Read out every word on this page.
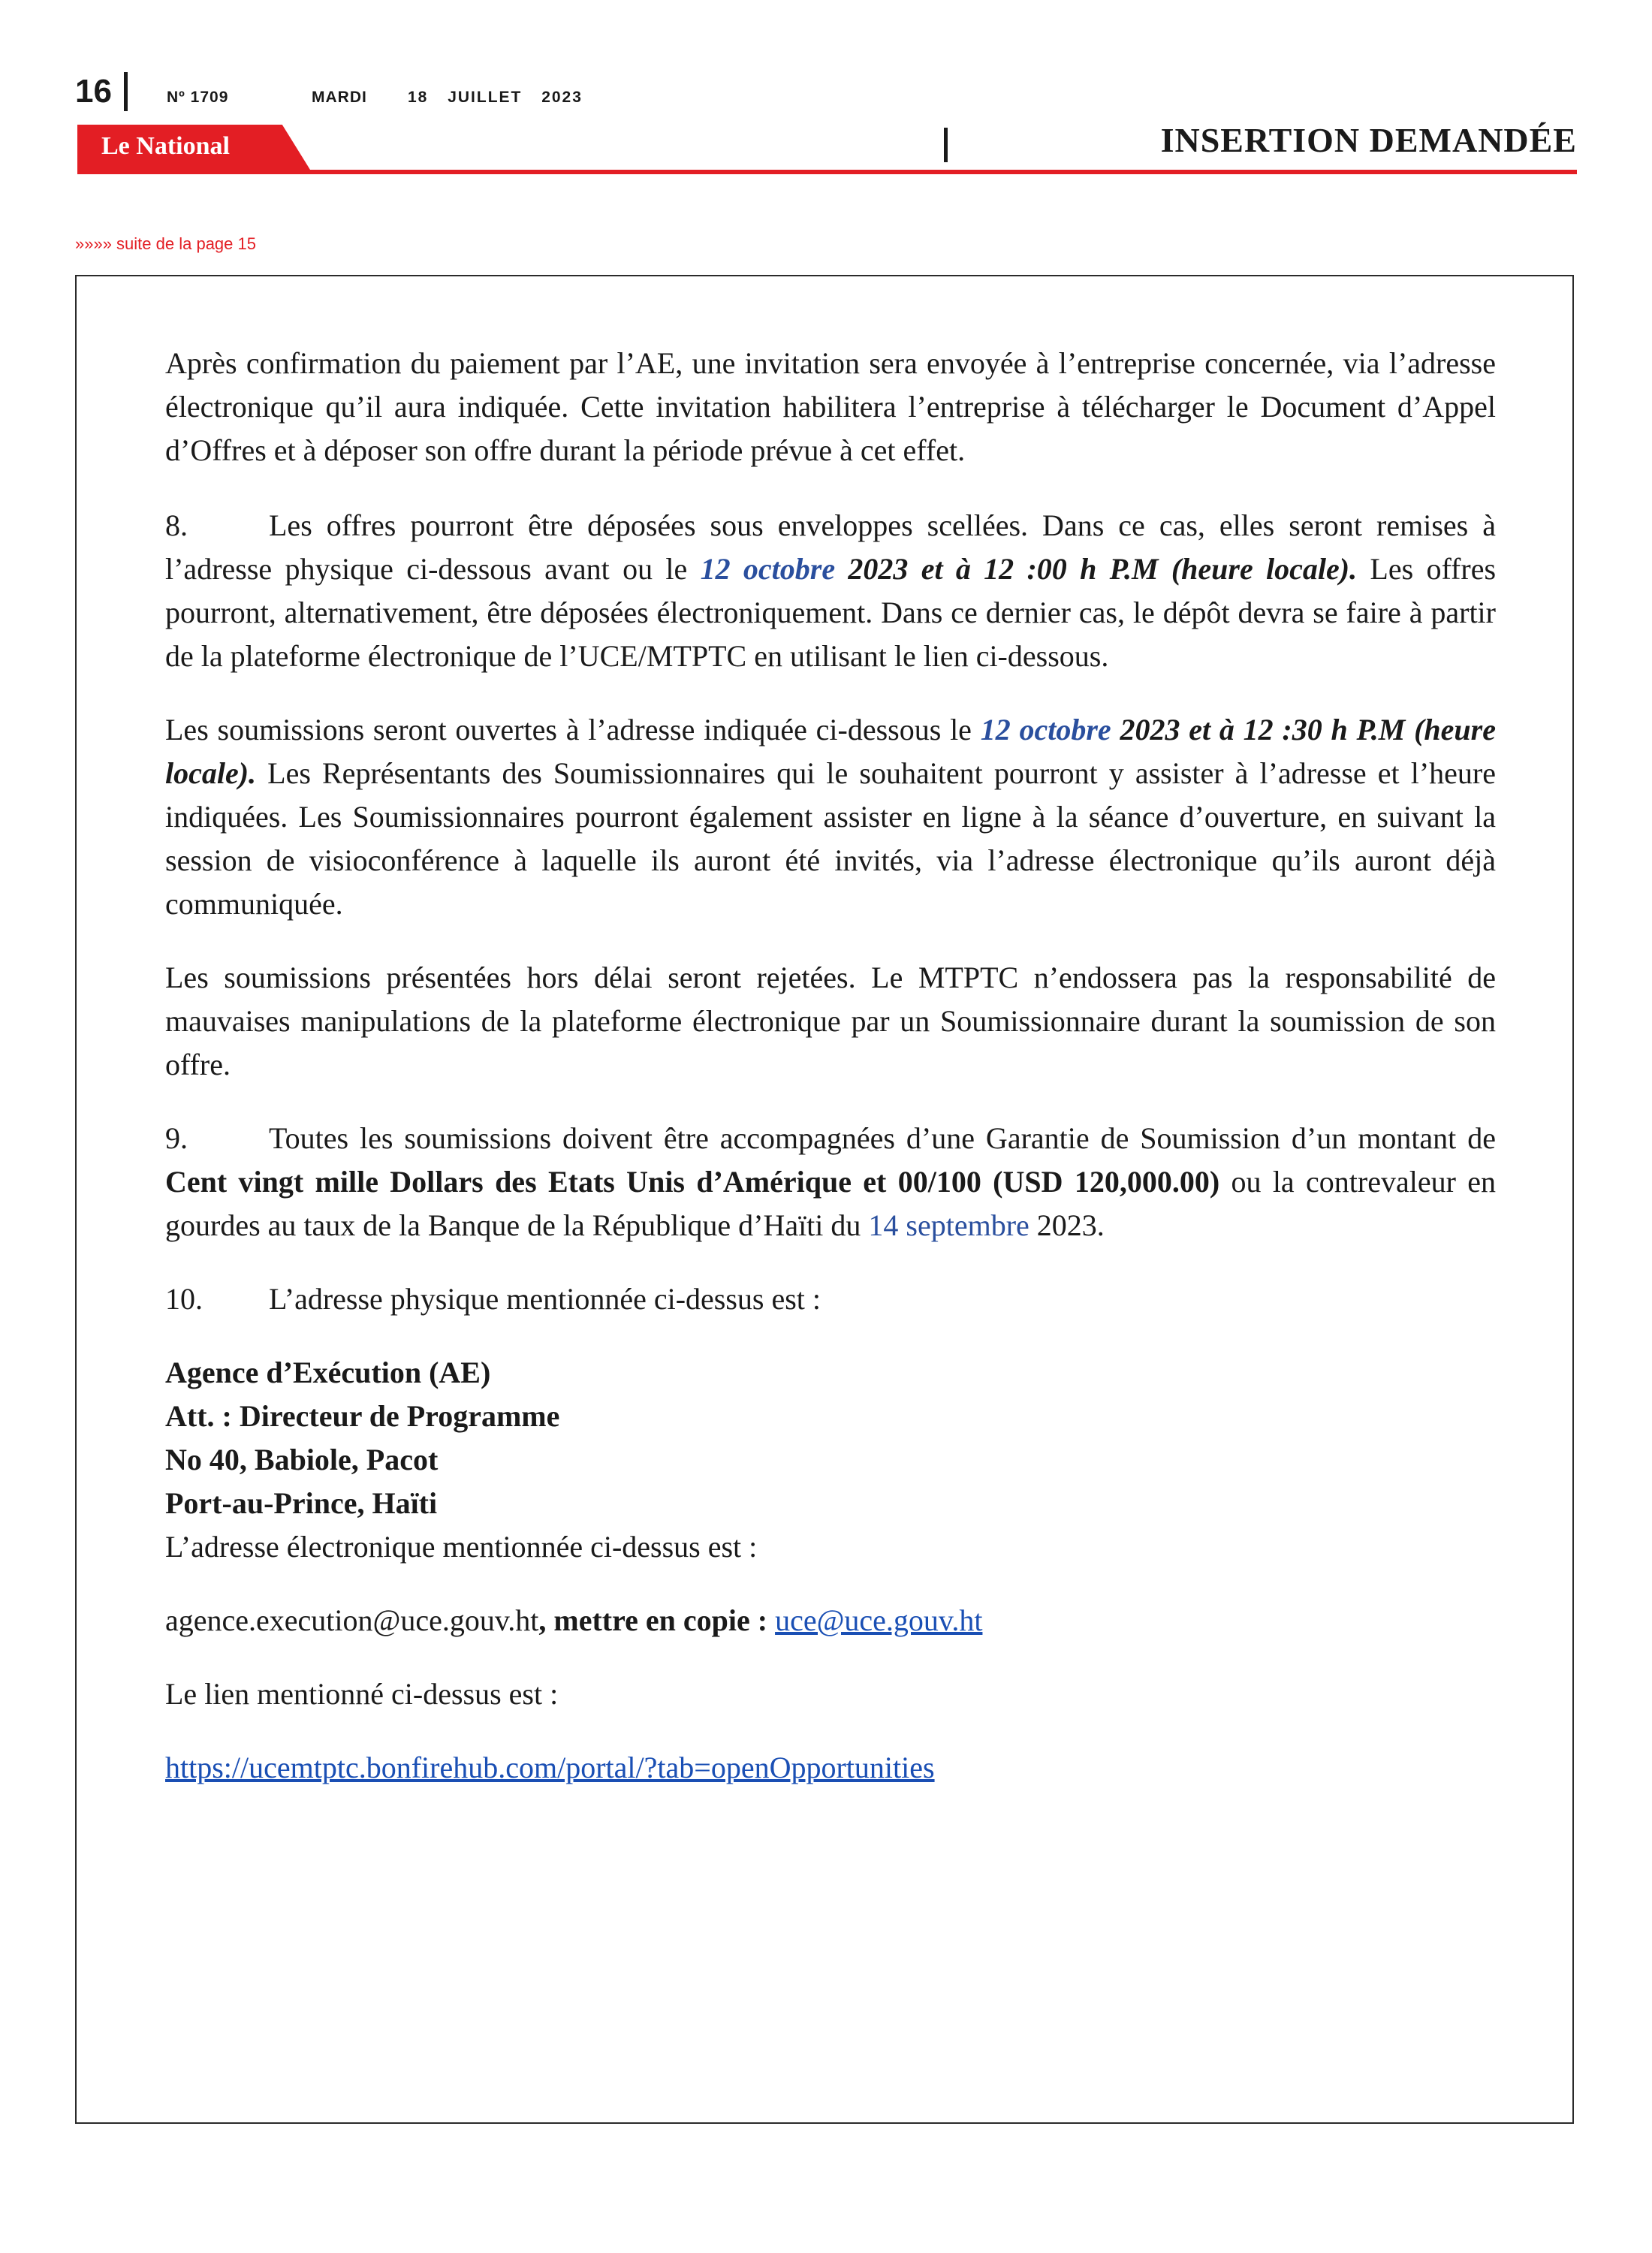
16	Nº 1709	MARDI	18 JUILLET 2023
Le National	INSERTION DEMANDÉE
»»»» suite de la page 15

Après confirmation du paiement par l’AE, une invitation sera envoyée à l’entreprise concernée, via l’adresse électronique qu’il aura indiquée. Cette invitation habilitera l’entreprise à télécharger le Document d’Appel d’Offres et à déposer son offre durant la période prévue à cet effet.

8.	Les offres pourront être déposées sous enveloppes scellées. Dans ce cas, elles seront remises à l’adresse physique ci-dessous avant ou le 12 octobre 2023 et à 12 :00 h P.M (heure locale). Les offres pourront, alternativement, être déposées électroniquement. Dans ce dernier cas, le dépôt devra se faire à partir de la plateforme électronique de l’UCE/MTPTC en utilisant le lien ci-dessous.

Les soumissions seront ouvertes à l’adresse indiquée ci-dessous le 12 octobre 2023 et à 12 :30 h P.M (heure locale). Les Représentants des Soumissionnaires qui le souhaitent pourront y assister à l’adresse et l’heure indiquées. Les Soumissionnaires pourront également assister en ligne à la séance d’ouverture, en suivant la session de visioconférence à laquelle ils auront été invités, via l’adresse électronique qu’ils auront déjà communiquée.

Les soumissions présentées hors délai seront rejetées. Le MTPTC n’endossera pas la responsabilité de mauvaises manipulations de la plateforme électronique par un Soumissionnaire durant la soumission de son offre.

9.	Toutes les soumissions doivent être accompagnées d’une Garantie de Soumission d’un montant de Cent vingt mille Dollars des Etats Unis d’Amérique et 00/100 (USD 120,000.00) ou la contrevaleur en gourdes au taux de la Banque de la République d’Haïti du 14 septembre 2023.

10. L’adresse physique mentionnée ci-dessus est :

Agence d’Exécution (AE)

Att. : Directeur de Programme

No 40, Babiole, Pacot

Port-au-Prince, Haïti

L’adresse électronique mentionnée ci-dessus est :

agence.execution@uce.gouv.ht, mettre en copie : uce@uce.gouv.ht

Le lien mentionné ci-dessus est :

https://ucemtptc.bonfirehub.com/portal/?tab=openOpportunities
